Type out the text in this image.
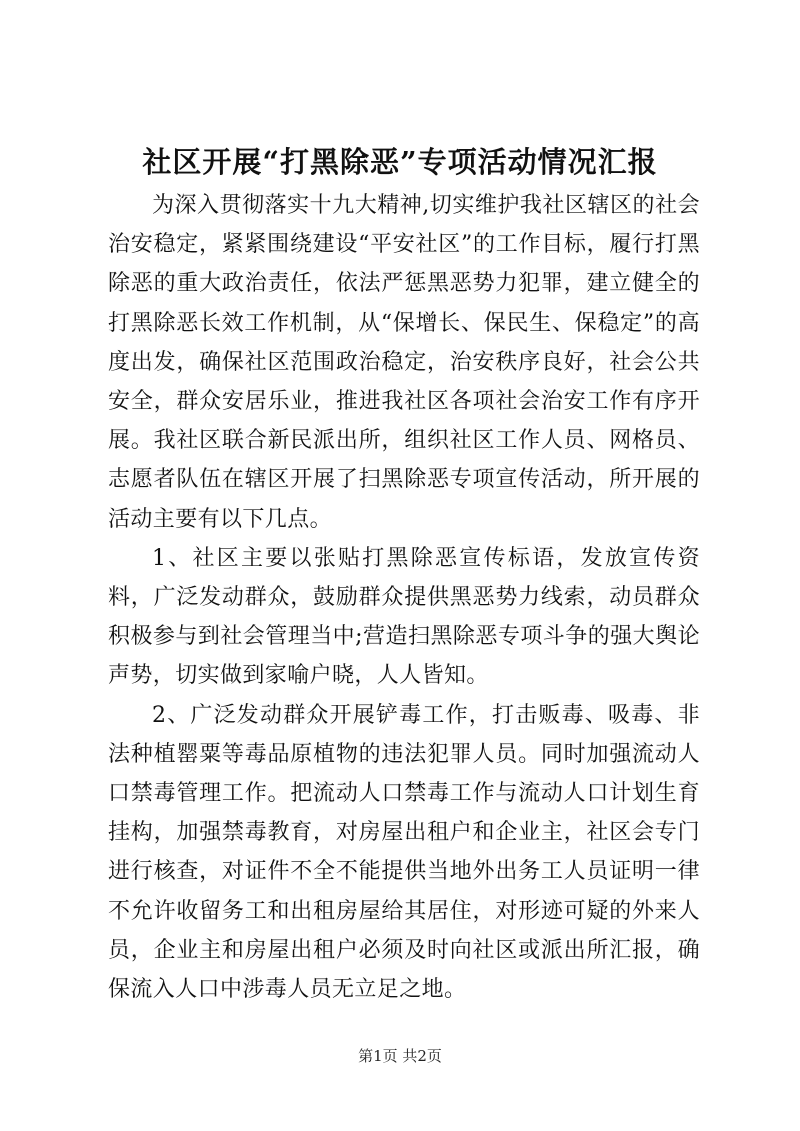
社区开展“打黑除恶”专项活动情况汇报

为深入贯彻落实十九大精神,切实维护我社区辖区的社会治安稳定，紧紧围绕建设“平安社区”的工作目标，履行打黑除恶的重大政治责任，依法严惩黑恶势力犯罪，建立健全的打黑除恶长效工作机制，从“保增长、保民生、保稳定”的高度出发，确保社区范围政治稳定，治安秩序良好，社会公共安全，群众安居乐业，推进我社区各项社会治安工作有序开展。我社区联合新民派出所，组织社区工作人员、网格员、志愿者队伍在辖区开展了扫黑除恶专项宣传活动，所开展的活动主要有以下几点。

1、社区主要以张贴打黑除恶宣传标语，发放宣传资料，广泛发动群众，鼓励群众提供黑恶势力线索，动员群众积极参与到社会管理当中;营造扫黑除恶专项斗争的强大舆论声势，切实做到家喻户晓，人人皆知。

2、广泛发动群众开展铲毒工作，打击贩毒、吸毒、非法种植罂粟等毒品原植物的违法犯罪人员。同时加强流动人口禁毒管理工作。把流动人口禁毒工作与流动人口计划生育挂构，加强禁毒教育，对房屋出租户和企业主，社区会专门进行核查，对证件不全不能提供当地外出务工人员证明一律不允许收留务工和出租房屋给其居住，对形迹可疑的外来人员，企业主和房屋出租户必须及时向社区或派出所汇报，确保流入人口中涉毒人员无立足之地。

第1页 共2页
